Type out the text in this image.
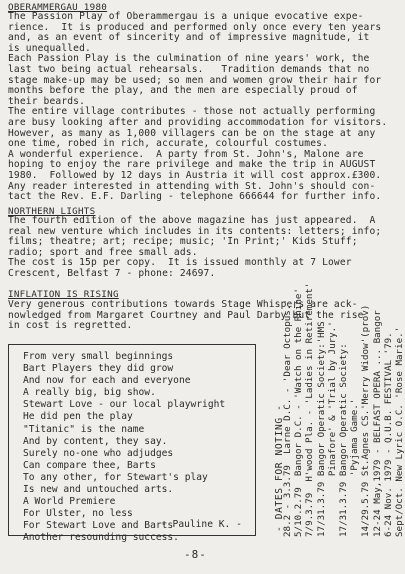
OBERAMMERGAU 1980
The Passion Play of Oberammergau is a unique evocative expe-
rience.  It is produced and performed only once every ten years
and, as an event of sincerity and of impressive magnitude, it
is unequalled.
Each Passion Play is the culmination of nine years' work, the
last two being actual rehearsals.   Tradition demands that no
stage make-up may be used; so men and women grow their hair for
months before the play, and the men are especially proud of
their beards.
The entire village contributes - those not actually performing
are busy looking after and providing accommodation for visitors.
However, as many as 1,000 villagers can be on the stage at any
one time, robed in rich, accurate, colourful costumes.
A wonderful experience.  A party from St. John's, Malone are
hoping to enjoy the rare privilege and make the trip in AUGUST
1980.  Followed by 12 days in Austria it will cost approx.£300.
Any reader interested in attending with St. John's should con-
tact the Rev. E.F. Darling - telephone 666644 for further info.
NORTHERN LIGHTS
The fourth edition of the above magazine has just appeared.  A
real new venture which includes in its contents: letters; info;
films; theatre; art; recipe; music; 'In Print;' Kids Stuff;
radio; sport and free small ads.
The cost is 15p per copy.  It is issued monthly at 7 Lower
Crescent, Belfast 7 - phone: 24697.
INFLATION IS RISING
Very generous contributions towards Stage Whispers are ack-
nowledged from Margaret Courtney and Paul Darby but the rise
in cost is regretted.
From very small beginnings
Bart Players they did grow
And now for each and everyone
A really big, big show.
Stewart Love - our local playwright
He did pen the play
"Titanic" is the name
And by content, they say.
Surely no-one who adjudges
Can compare thee, Barts
To any other, for Stewart's play
Is new and untouched arts.
A World Premiere
For Ulster, no less
For Stewart Love and Barts
Another resounding success.
- Pauline K. -	- DATES FOR NOTING -
28.2 - 3.3.79  Larne D.C. - 'Dear Octopus.'
5/10.2.79  Bangor D.C. - 'Watch on the Rhine'
7/9.3.79  H'wood Pla. - 'Ladies in Retirement'
17/31.3.79 Bangor Operatic Society:'HMS
Pinafore' & 'Trial by Jury.'
17/31.3.79 Bangor Operatic Society:
'Pyjama Game.'
14/29.5.79 St.Agnes CS.'Merry Widow'(prov)
12-24 May,1979 - BELFAST OPERA ... Bangor
6-24 Nov. 1979 - Q.U.B. FESTIVAL '79.
Sept/Oct. New Lyric O.C. 'Rose Marie.'
-8-
